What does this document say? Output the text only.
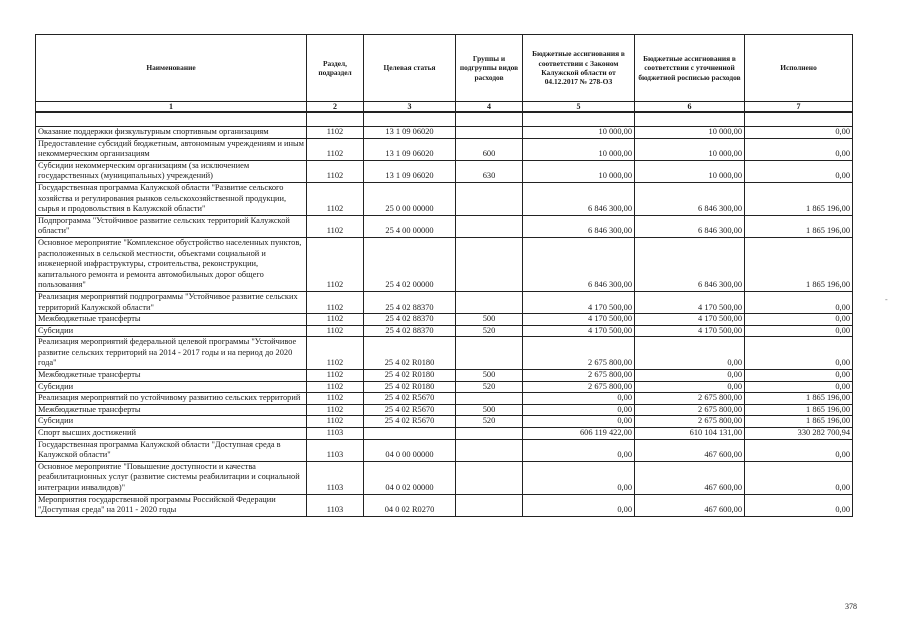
Наименование	Раздел, подраздел	Целевая статья	Группы и подгруппы видов расходов	Бюджетные ассигнования в соответствии с Законом Калужской области от 04.12.2017 № 278-ОЗ	Бюджетные ассигнования в соответствии с уточненной бюджетной росписью расходов	Исполнено
1	2	3	4	5	6	7

Оказание поддержки физкультурным спортивным организациям	1102	13 1 09 06020		10 000,00	10 000,00	0,00
Предоставление субсидий бюджетным, автономным учреждениям и иным некоммерческим организациям	1102	13 1 09 06020	600	10 000,00	10 000,00	0,00
Субсидии некоммерческим организациям (за исключением государственных (муниципальных) учреждений)	1102	13 1 09 06020	630	10 000,00	10 000,00	0,00
Государственная программа Калужской области "Развитие сельского хозяйства и регулирования рынков сельскохозяйственной продукции, сырья и продовольствия в Калужской области"	1102	25 0 00 00000		6 846 300,00	6 846 300,00	1 865 196,00
Подпрограмма "Устойчивое развитие сельских территорий Калужской области"	1102	25 4 00 00000		6 846 300,00	6 846 300,00	1 865 196,00
Основное мероприятие "Комплексное обустройство населенных пунктов, расположенных в сельской местности, объектами социальной и инженерной инфраструктуры, строительства, реконструкции, капитального ремонта и ремонта автомобильных дорог общего пользования"	1102	25 4 02 00000		6 846 300,00	6 846 300,00	1 865 196,00
Реализация мероприятий подпрограммы "Устойчивое развитие сельских территорий Калужской области"	1102	25 4 02 88370		4 170 500,00	4 170 500,00	0,00
Межбюджетные трансферты	1102	25 4 02 88370	500	4 170 500,00	4 170 500,00	0,00
Субсидии	1102	25 4 02 88370	520	4 170 500,00	4 170 500,00	0,00
Реализация мероприятий федеральной целевой программы "Устойчивое развитие сельских территорий на 2014 - 2017 годы и на период до 2020 года"	1102	25 4 02 R0180		2 675 800,00	0,00	0,00
Межбюджетные трансферты	1102	25 4 02 R0180	500	2 675 800,00	0,00	0,00
Субсидии	1102	25 4 02 R0180	520	2 675 800,00	0,00	0,00
Реализация мероприятий по устойчивому развитию сельских территорий	1102	25 4 02 R5670		0,00	2 675 800,00	1 865 196,00
Межбюджетные трансферты	1102	25 4 02 R5670	500	0,00	2 675 800,00	1 865 196,00
Субсидии	1102	25 4 02 R5670	520	0,00	2 675 800,00	1 865 196,00
Спорт высших достижений	1103			606 119 422,00	610 104 131,00	330 282 700,94
Государственная программа Калужской области "Доступная среда в Калужской области"	1103	04 0 00 00000		0,00	467 600,00	0,00
Основное мероприятие "Повышение доступности и качества реабилитационных услуг (развитие системы реабилитации и социальной интеграции инвалидов)"	1103	04 0 02 00000		0,00	467 600,00	0,00
Мероприятия государственной программы Российской Федерации "Доступная среда" на 2011 - 2020 годы	1103	04 0 02 R0270		0,00	467 600,00	0,00
378
-
